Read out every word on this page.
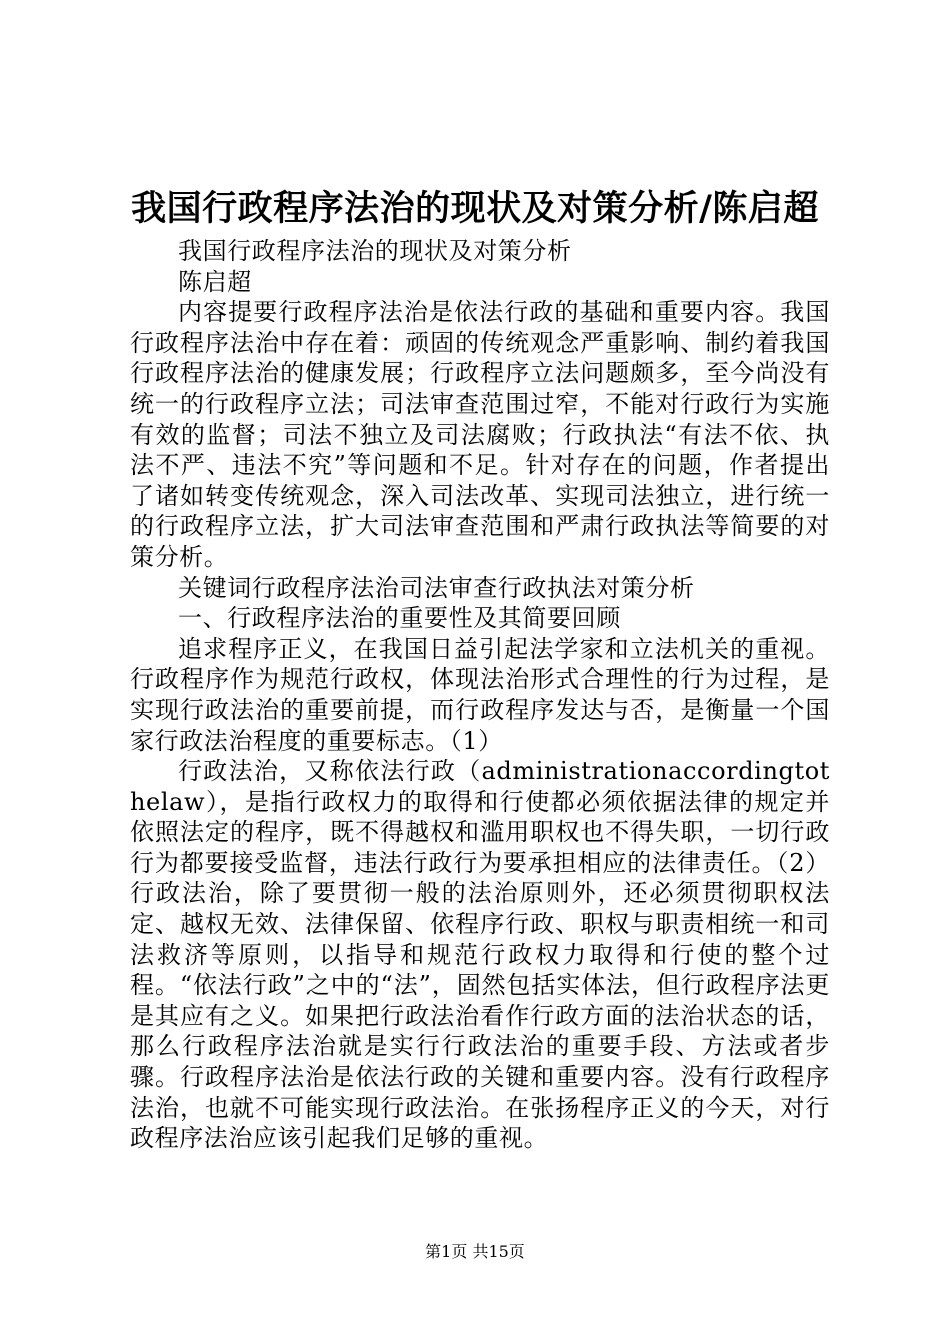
我国行政程序法治的现状及对策分析/陈启超

我国行政程序法治的现状及对策分析

陈启超

内容提要行政程序法治是依法行政的基础和重要内容。我国行政程序法治中存在着：顽固的传统观念严重影响、制约着我国行政程序法治的健康发展；行政程序立法问题颇多，至今尚没有统一的行政程序立法；司法审查范围过窄，不能对行政行为实施有效的监督；司法不独立及司法腐败；行政执法“有法不依、执法不严、违法不究”等问题和不足。针对存在的问题，作者提出了诸如转变传统观念，深入司法改革、实现司法独立，进行统一的行政程序立法，扩大司法审查范围和严肃行政执法等简要的对策分析。

关键词行政程序法治司法审查行政执法对策分析

一、行政程序法治的重要性及其简要回顾

追求程序正义，在我国日益引起法学家和立法机关的重视。行政程序作为规范行政权，体现法治形式合理性的行为过程，是实现行政法治的重要前提，而行政程序发达与否，是衡量一个国家行政法治程度的重要标志。（1）

行政法治，又称依法行政（administrationaccordingtothelaw），是指行政权力的取得和行使都必须依据法律的规定并依照法定的程序，既不得越权和滥用职权也不得失职，一切行政行为都要接受监督，违法行政行为要承担相应的法律责任。（2）行政法治，除了要贯彻一般的法治原则外，还必须贯彻职权法定、越权无效、法律保留、依程序行政、职权与职责相统一和司法救济等原则，以指导和规范行政权力取得和行使的整个过程。“依法行政”之中的“法”，固然包括实体法，但行政程序法更是其应有之义。如果把行政法治看作行政方面的法治状态的话，那么行政程序法治就是实行行政法治的重要手段、方法或者步骤。行政程序法治是依法行政的关键和重要内容。没有行政程序法治，也就不可能实现行政法治。在张扬程序正义的今天，对行政程序法治应该引起我们足够的重视。

第1页 共15页
